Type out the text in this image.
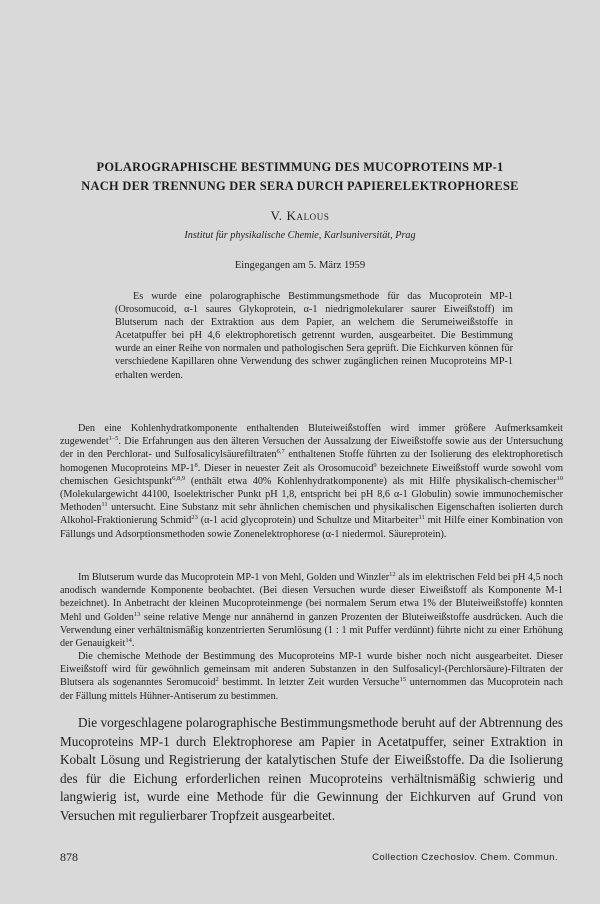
POLAROGRAPHISCHE BESTIMMUNG DES MUCOPROTEINS MP-1
NACH DER TRENNUNG DER SERA DURCH PAPIERELEKTROPHORESE
V. Kalous
Institut für physikalische Chemie, Karlsuniversität, Prag
Eingegangen am 5. März 1959
Es wurde eine polarographische Bestimmungsmethode für das Mucoprotein MP-1 (Orosomucoid, α-1 saures Glykoprotein, α-1 niedrigmolekularer saurer Eiweißstoff) im Blutserum nach der Extraktion aus dem Papier, an welchem die Serumeiweißstoffe in Acetatpuffer bei pH 4,6 elektrophoretisch getrennt wurden, ausgearbeitet. Die Bestimmung wurde an einer Reihe von normalen und pathologischen Sera geprüft. Die Eichkurven können für verschiedene Kapillaren ohne Verwendung des schwer zugänglichen reinen Mucoproteins MP-1 erhalten werden.

Den eine Kohlenhydratkomponente enthaltenden Bluteiweißstoffen wird immer größere Aufmerksamkeit zugewendet$^{1-5}$. Die Erfahrungen aus den älteren Versuchen der Aussalzung der Eiweißstoffe sowie aus der Untersuchung der in den Perchlorat- und Sulfosalicylsäurefiltraten$^{6,7}$ enthaltenen Stoffe führten zu der Isolierung des elektrophoretisch homogenen Mucoproteins $MP-1^8$. Dieser in neuester Zeit als Orosomucoid$^9$ bezeichnete Eiweißstoff wurde sowohl vom chemischen Gesichtspunkt$^{6,8,9}$ (enthält etwa 40% Kohlenhydratkomponente) als mit Hilfe physikalisch-chemischer$^{10}$ (Molekulargewicht 44100, Isoelektrischer Punkt pH 1,8, entspricht bei pH 8,6 α-1 Globulin) sowie immunochemischer Methoden$^{11}$ untersucht. Eine Substanz mit sehr ähnlichen chemischen und physikalischen Eigenschaften isolierten durch Alkohol-Fraktionierung Schmid$^{23}$ (α-1 acid glycoprotein) und Schultze und Mitarbeiter$^{11}$ mit Hilfe einer Kombination von Fällungs und Adsorptionsmethoden sowie Zonenelektrophorese (α-1 niedermol. Säureprotein).

Im Blutserum wurde das Mucoprotein MP-1 von Mehl, Golden und Winzler$^{12}$ als im elektrischen Feld bei pH 4,5 noch anodisch wandernde Komponente beobachtet. (Bei diesen Versuchen wurde dieser Eiweißstoff als Komponente M-1 bezeichnet). In Anbetracht der kleinen Mucoproteinmenge (bei normalem Serum etwa 1% der Bluteiweißstoffe) konnten Mehl und Golden$^{13}$ seine relative Menge nur annähernd in ganzen Prozenten der Bluteiweißstoffe ausdrücken. Auch die Verwendung einer verhältnismäßig konzentrierten Serumlösung (1 : 1 mit Puffer verdünnt) führte nicht zu einer Erhöhung der Genauigkeit$^{14}$.

Die chemische Methode der Bestimmung des Mucoproteins MP-1 wurde bisher noch nicht ausgearbeitet. Dieser Eiweißstoff wird für gewöhnlich gemeinsam mit anderen Substanzen in den Sulfosalicyl-(Perchlorsäure)-Filtraten der Blutsera als sogenanntes Seromucoid$^2$ bestimmt. In letzter Zeit wurden Versuche$^{15}$ unternommen das Mucoprotein nach der Fällung mittels Hühner-Antiserum zu bestimmen.

Die vorgeschlagene polarographische Bestimmungsmethode beruht auf der Abtrennung des Mucoproteins MP-1 durch Elektrophorese am Papier in Acetatpuffer, seiner Extraktion in Kobalt Lösung und Registrierung der katalytischen Stufe der Eiweißstoffe. Da die Isolierung des für die Eichung erforderlichen reinen Mucoproteins verhältnismäßig schwierig und langwierig ist, wurde eine Methode für die Gewinnung der Eichkurven auf Grund von Versuchen mit regulierbarer Tropfzeit ausgearbeitet.

878	Collection Czechoslov. Chem. Commun.
